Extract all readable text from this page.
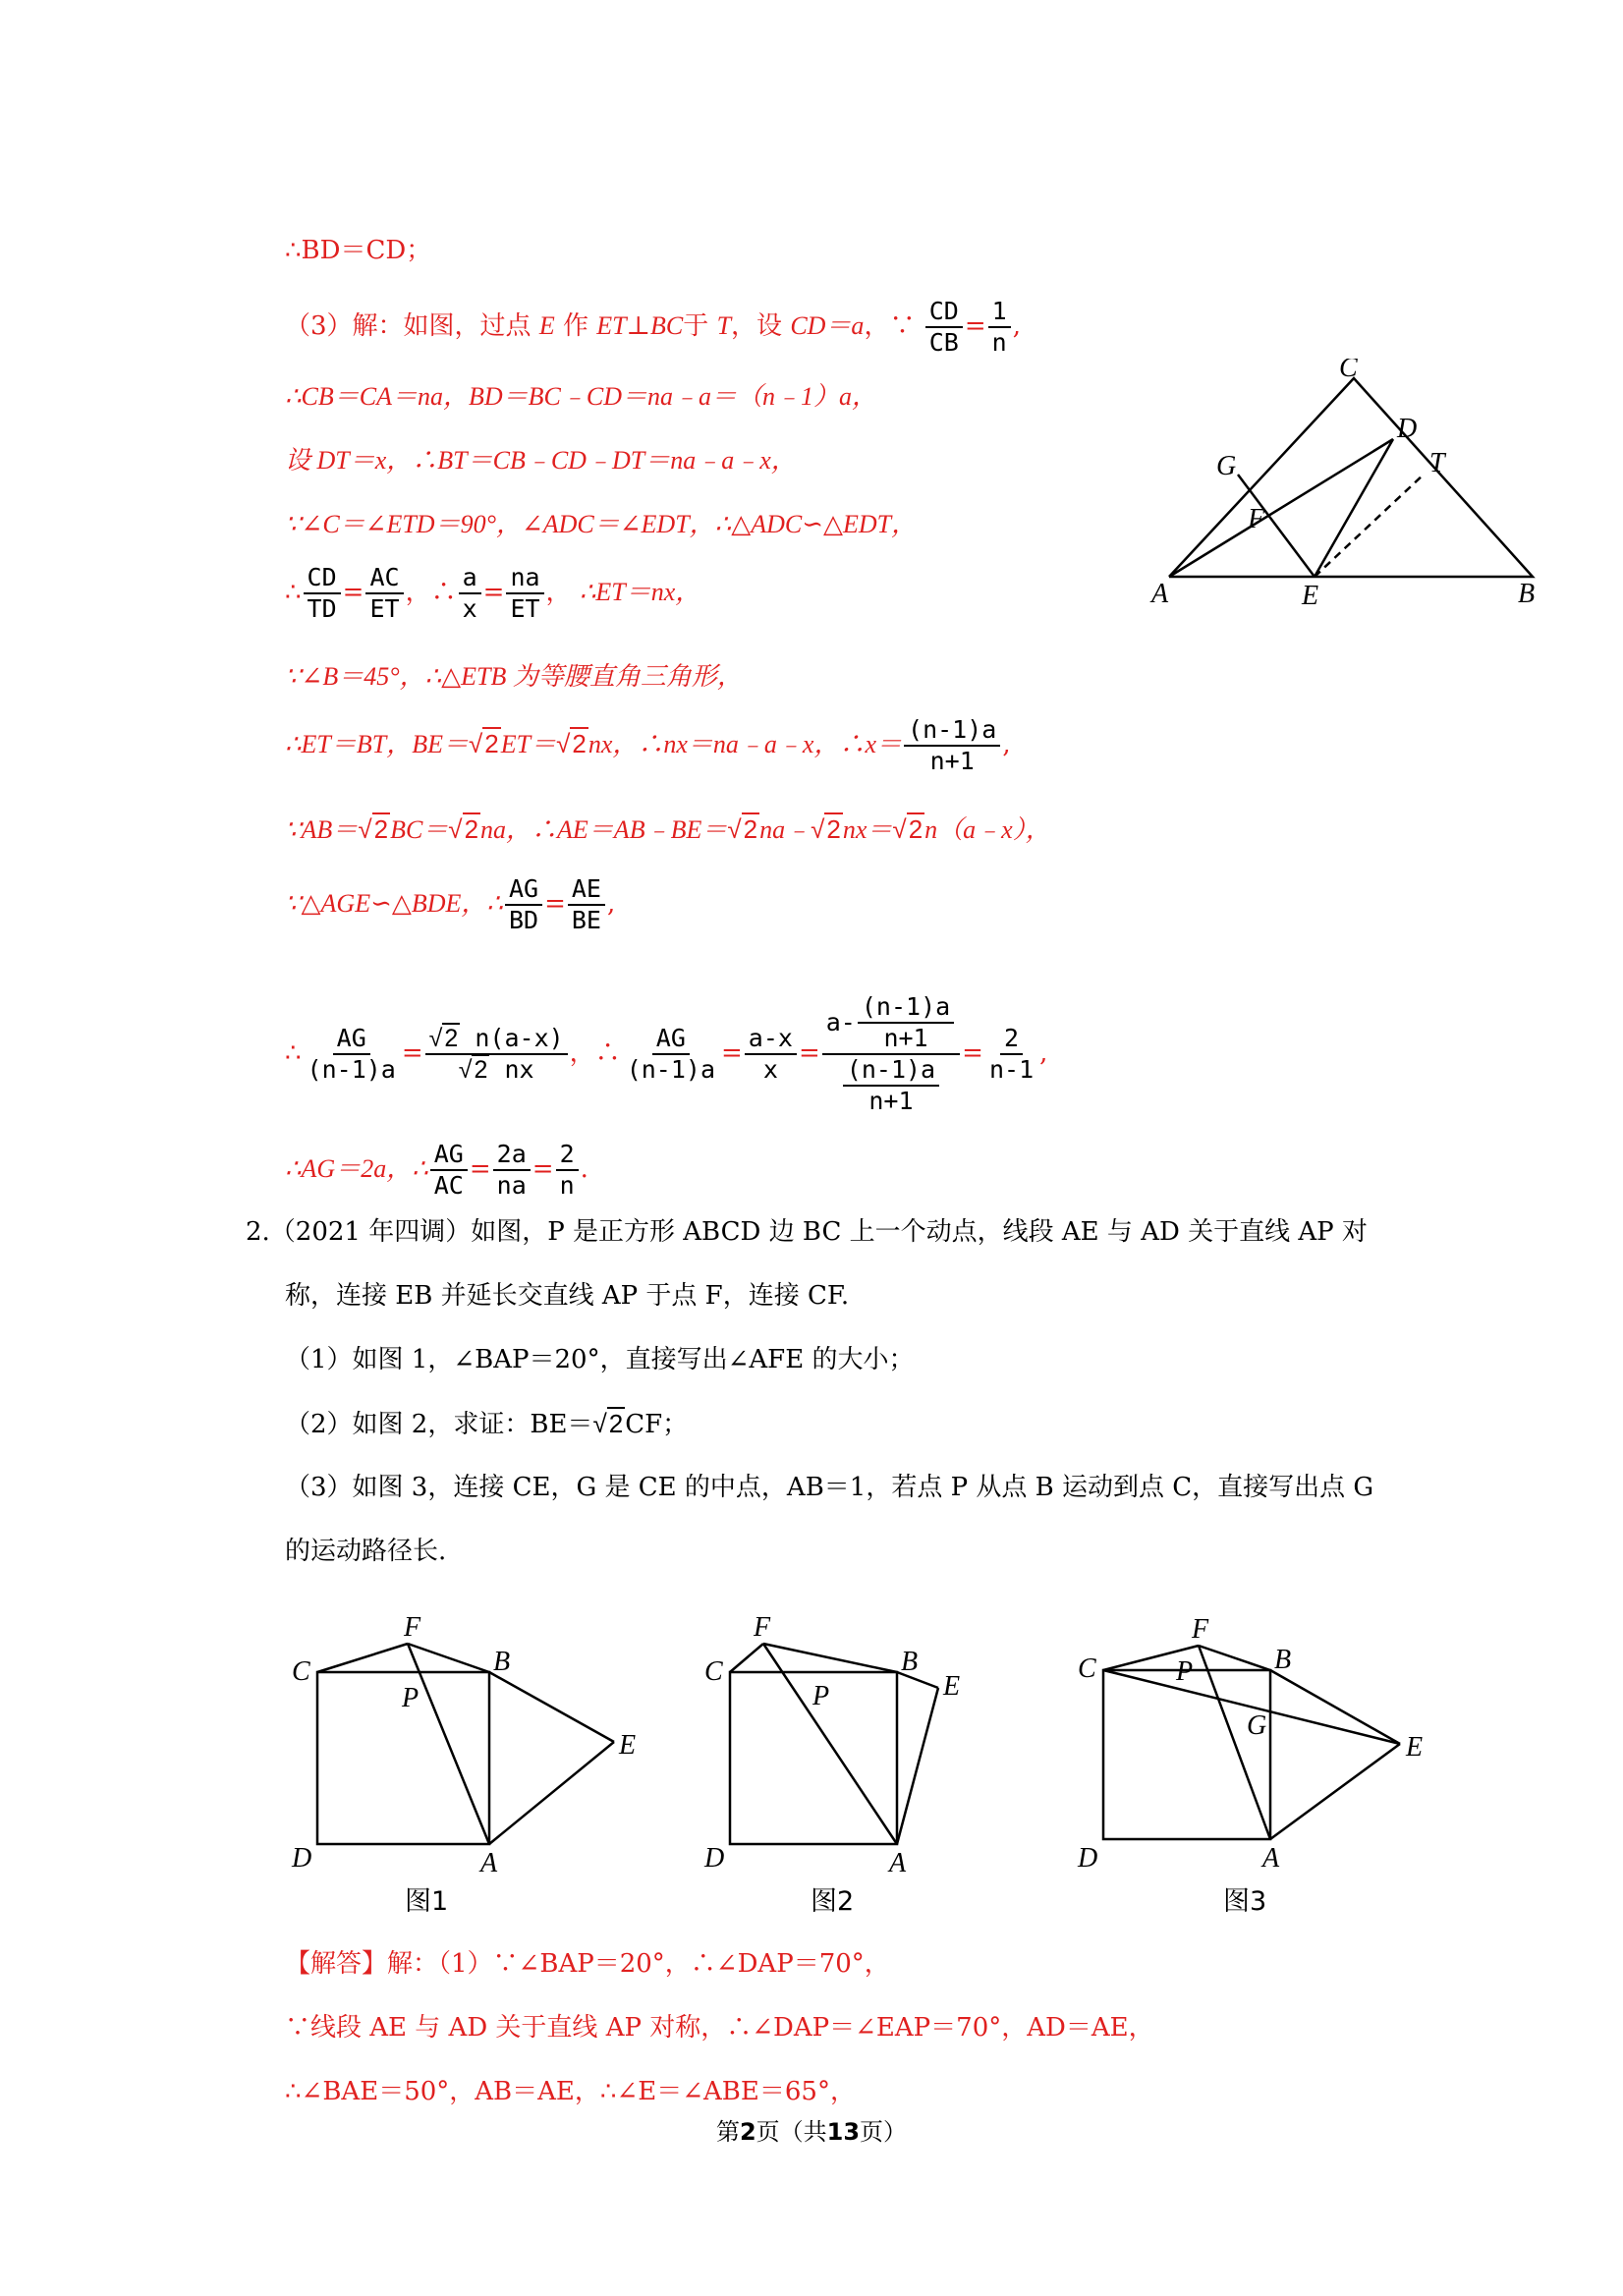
∴BD＝CD；
（3）解：如图，过点 E 作 ET⊥BC于 T，设 CD＝a，∵ $\frac{CD}{CB} = \frac{1}{n}$ ,
∴CB＝CA＝na，BD＝BC﹣CD＝na﹣a＝（n﹣1）a，
设 DT＝x，∴BT＝CB﹣CD﹣DT＝na﹣a﹣x，
∵∠C＝∠ETD＝90°，∠ADC＝∠EDT，∴△ADC∽△EDT，
∴ $\frac{CD}{TD} = \frac{AC}{ET}$ ，∴ $\frac{a}{x} = \frac{na}{ET}$ ， ∴ET＝nx，
∵∠B＝45°，∴△ETB 为等腰直角三角形，
∴ET＝BT，BE＝√2ET＝√2nx，∴nx＝na﹣a﹣x，∴x＝ $\frac{(n-1)a}{n+1}$ ,
∵AB＝√2BC＝√2na，∴AE＝AB﹣BE＝√2na﹣√2nx＝√2n（a﹣x），
∵△AGE∽△BDE，∴ $\frac{AG}{BD} = \frac{AE}{BE}$ ,
∴ $\frac{AG}{(n-1)a} = \frac{√2 n(a-x)}{√2 nx}$ ，∴ $\frac{AG}{(n-1)a} = \frac{a-x}{x} = \frac{a- \frac{(n-1)a}{n+1}}{\frac{(n-1)a}{n+1}} = \frac{2}{n-1}$ ,
∴AG＝2a，∴ $\frac{AG}{AC} = \frac{2a}{na} = \frac{2}{n}$ .
C
D
T
G
F
A	E	B
2.（2021 年四调）如图，P 是正方形 ABCD 边 BC 上一个动点，线段 AE 与 AD 关于直线 AP 对
称，连接 EB 并延长交直线 AP 于点 F，连接 CF.
（1）如图 1，∠BAP＝20°，直接写出∠AFE 的大小；
（2）如图 2，求证：BE＝√2CF；
（3）如图 3，连接 CE，G 是 CE 的中点，AB＝1，若点 P 从点 B 运动到点 C，直接写出点 G
的运动路径长.
F
C	B
P
E
D	A
图1
F
C	B
P	E
D	A
图2
F
C	P	B
G
E
D	A
图3
【解答】解：（1）∵∠BAP＝20°，∴∠DAP＝70°，
∵线段 AE 与 AD 关于直线 AP 对称，∴∠DAP＝∠EAP＝70°，AD＝AE，
∴∠BAE＝50°，AB＝AE，∴∠E＝∠ABE＝65°，
第2页（共13页）
